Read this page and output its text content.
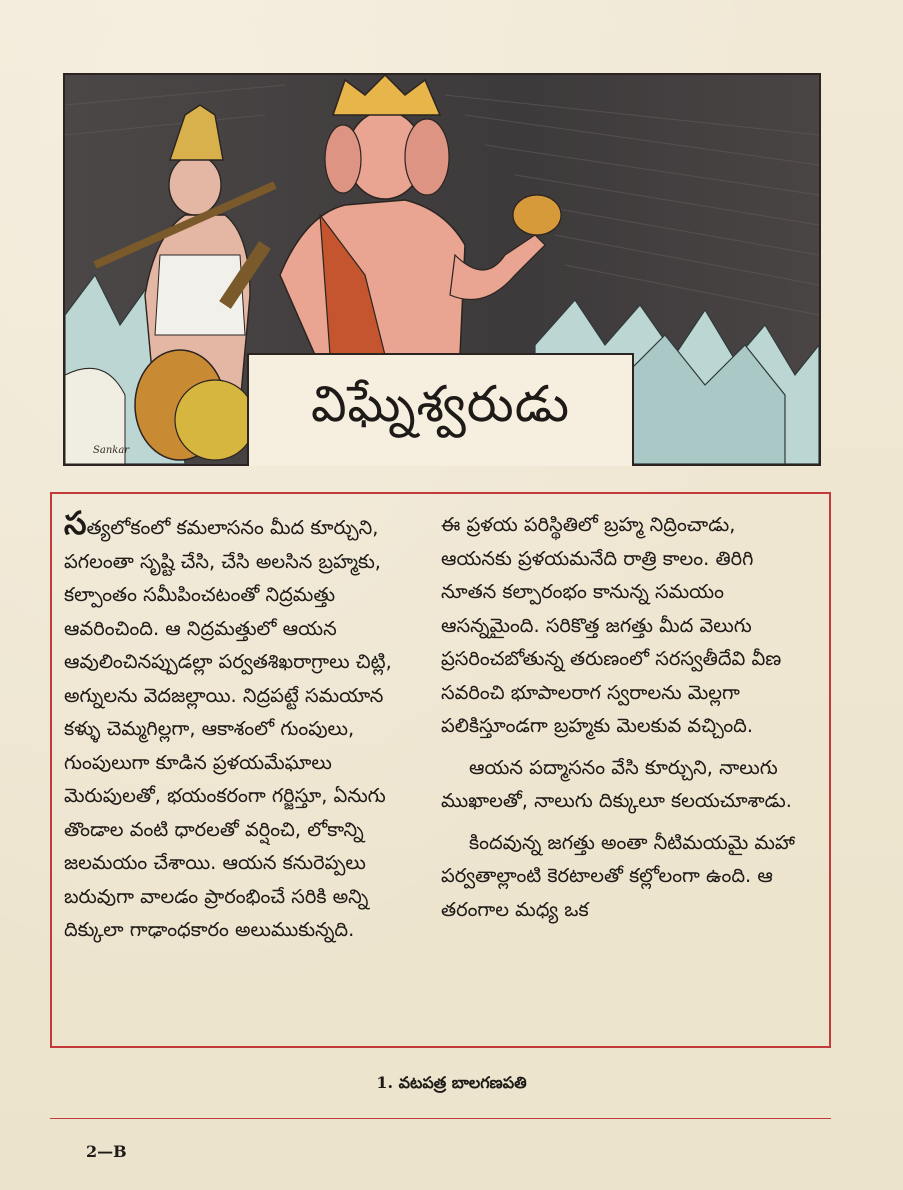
Sankar
విఘ్నేశ్వరుడు

సత్యలోకంలో కమలాసనం మీద కూర్చుని, పగలంతా సృష్టి చేసి, చేసి అలసిన బ్రహ్మకు, కల్పాంతం సమీపించటంతో నిద్రమత్తు ఆవరించింది. ఆ నిద్రమత్తులో ఆయన ఆవులించినప్పుడల్లా పర్వతశిఖరాగ్రాలు చిట్లి, అగ్నులను వెదజల్లాయి. నిద్రపట్టే సమయాన కళ్ళు చెమ్మగిల్లగా, ఆకాశంలో గుంపులు, గుంపులుగా కూడిన ప్రళయమేఘాలు మెరుపులతో, భయంకరంగా గర్జిస్తూ, ఏనుగు తొండాల వంటి ధారలతో వర్షించి, లోకాన్ని జలమయం చేశాయి. ఆయన కనురెప్పలు బరువుగా వాలడం ప్రారంభించే సరికి అన్ని దిక్కులా గాఢాంధకారం అలుముకున్నది.

ఈ ప్రళయ పరిస్థితిలో బ్రహ్మ నిద్రించాడు, ఆయనకు ప్రళయమనేది రాత్రి కాలం. తిరిగి నూతన కల్పారంభం కానున్న సమయం ఆసన్నమైంది. సరికొత్త జగత్తు మీద వెలుగు ప్రసరించబోతున్న తరుణంలో సరస్వతీదేవి వీణ సవరించి భూపాలరాగ స్వరాలను మెల్లగా పలికిస్తూండగా బ్రహ్మకు మెలకువ వచ్చింది.

ఆయన పద్మాసనం వేసి కూర్చుని, నాలుగు ముఖాలతో, నాలుగు దిక్కులూ కలయచూశాడు.

కిందవున్న జగత్తు అంతా నీటిమయమై మహా పర్వతాల్లాంటి కెరటాలతో కల్లోలంగా ఉంది. ఆ తరంగాల మధ్య ఒక

1. వటపత్ర బాలగణపతి
2—B
